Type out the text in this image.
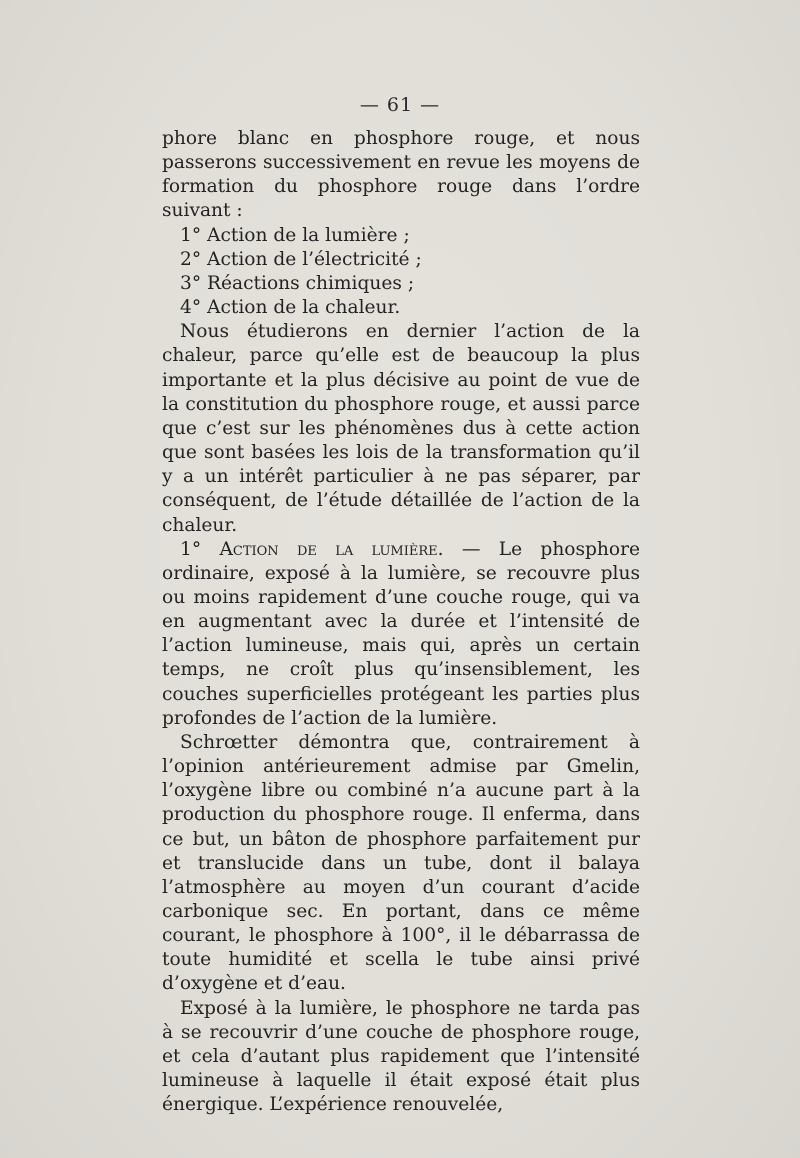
— 61 —

phore blanc en phosphore rouge, et nous passerons successivement en revue les moyens de formation du phosphore rouge dans l’ordre suivant :

1° Action de la lumière ;

2° Action de l’électricité ;

3° Réactions chimiques ;

4° Action de la chaleur.

Nous étudierons en dernier l’action de la chaleur, parce qu’elle est de beaucoup la plus importante et la plus décisive au point de vue de la constitution du phosphore rouge, et aussi parce que c’est sur les phénomènes dus à cette action que sont basées les lois de la transformation qu’il y a un intérêt particulier à ne pas séparer, par conséquent, de l’étude détaillée de l’action de la chaleur.

1° Action de la lumière. — Le phosphore ordinaire, exposé à la lumière, se recouvre plus ou moins rapidement d’une couche rouge, qui va en augmentant avec la durée et l’intensité de l’action lumineuse, mais qui, après un certain temps, ne croît plus qu’insensiblement, les couches superficielles protégeant les parties plus profondes de l’action de la lumière.

Schrœtter démontra que, contrairement à l’opinion antérieurement admise par Gmelin, l’oxygène libre ou combiné n’a aucune part à la production du phosphore rouge. Il enferma, dans ce but, un bâton de phosphore parfaitement pur et translucide dans un tube, dont il balaya l’atmosphère au moyen d’un courant d’acide carbonique sec. En portant, dans ce même courant, le phosphore à 100°, il le débarrassa de toute humidité et scella le tube ainsi privé d’oxygène et d’eau.

Exposé à la lumière, le phosphore ne tarda pas à se recouvrir d’une couche de phosphore rouge, et cela d’autant plus rapidement que l’intensité lumineuse à laquelle il était exposé était plus énergique. L’expérience renouvelée,
